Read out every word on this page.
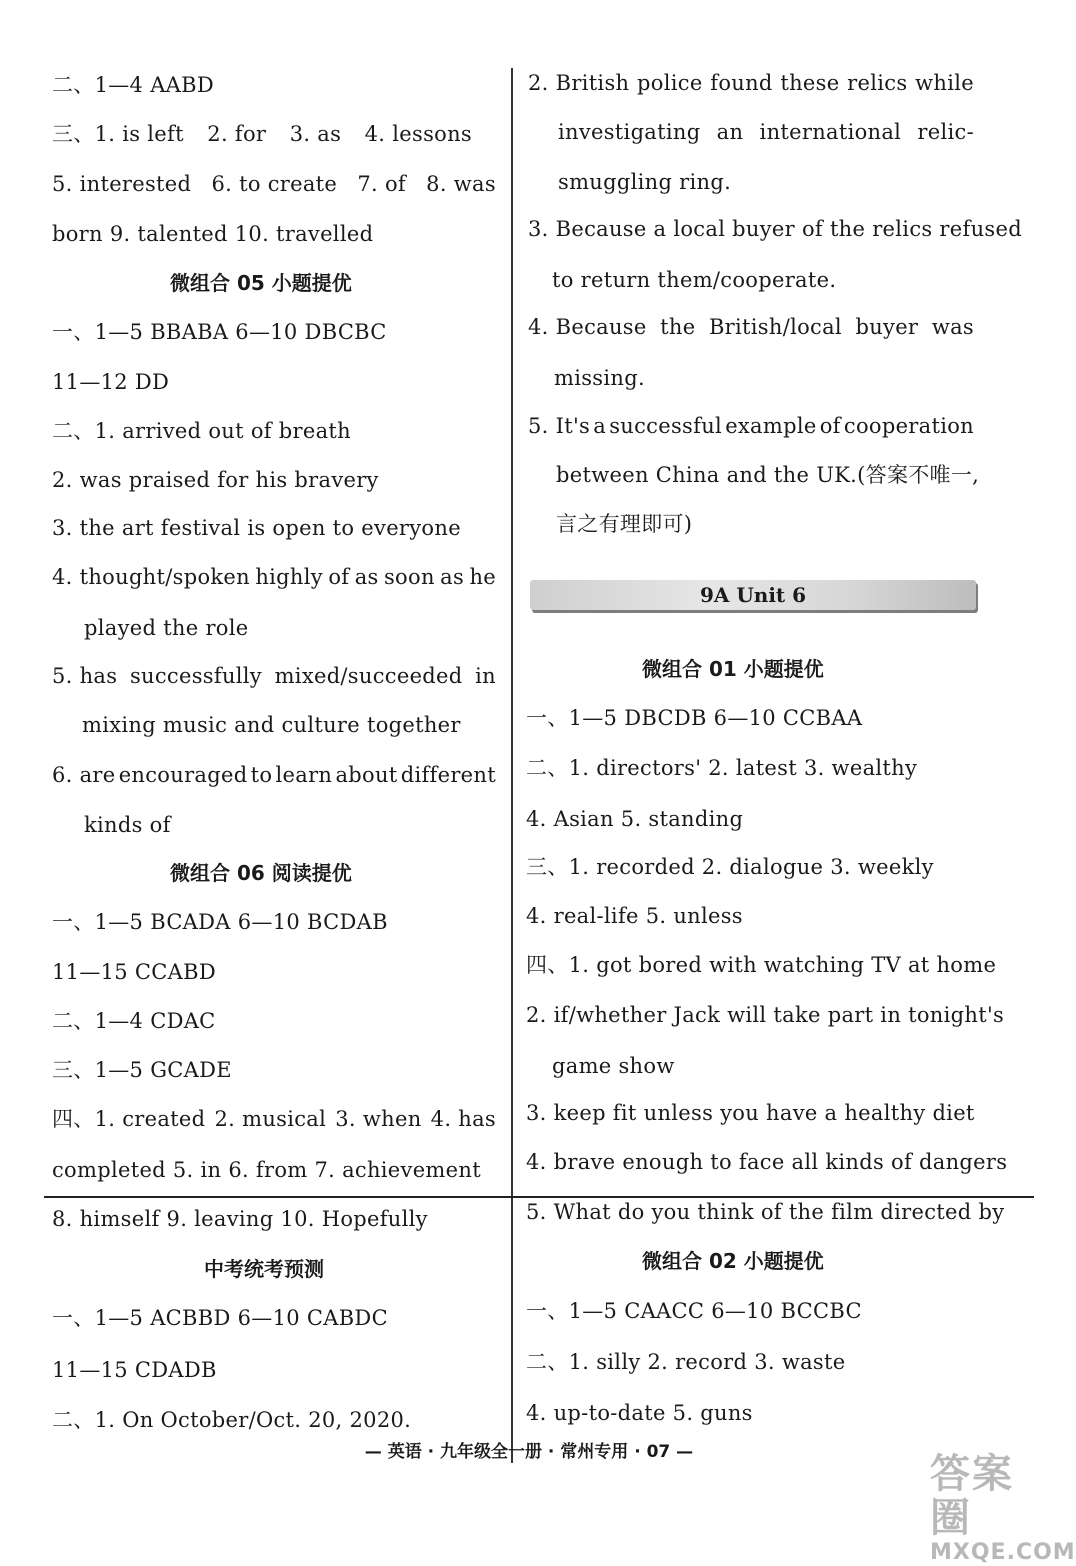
二、1—4 AABD
三、1. is left 2. for 3. as 4. lessons
5. interested 6. to create 7. of 8. was
born 9. talented 10. travelled
微组合 05 小题提优
一、1—5 BBABA 6—10 DBCBC
11—12 DD
二、1. arrived out of breath
2. was praised for his bravery
3. the art festival is open to everyone
4. thought/spoken highly of as soon as he
played the role
5. has successfully mixed/succeeded in
mixing music and culture together
6. are encouraged to learn about different
kinds of
微组合 06 阅读提优
一、1—5 BCADA 6—10 BCDAB
11—15 CCABD
二、1—4 CDAC
三、1—5 GCADE
四、1. created 2. musical 3. when 4. has
completed 5. in 6. from 7. achievement
8. himself 9. leaving 10. Hopefully
中考统考预测
一、1—5 ACBBD 6—10 CABDC
11—15 CDADB
二、1. On October/Oct. 20, 2020.
2. British police found these relics while
investigating an international relic-
smuggling ring.
3. Because a local buyer of the relics refused
to return them/cooperate.
4. Because the British/local buyer was
missing.
5. It's a successful example of cooperation
between China and the UK.(答案不唯一,
言之有理即可)
9A Unit 6
微组合 01 小题提优
一、1—5 DBCDB 6—10 CCBAA
二、1. directors' 2. latest 3. wealthy
4. Asian 5. standing
三、1. recorded 2. dialogue 3. weekly
4. real-life 5. unless
四、1. got bored with watching TV at home
2. if/whether Jack will take part in tonight's
game show
3. keep fit unless you have a healthy diet
4. brave enough to face all kinds of dangers
5. What do you think of the film directed by
微组合 02 小题提优
一、1—5 CAACC 6—10 BCCBC
二、1. silly 2. record 3. waste
4. up-to-date 5. guns
— 英语 · 九年级全一册 · 常州专用 · 07 —	答案圈
MXQE.COM
